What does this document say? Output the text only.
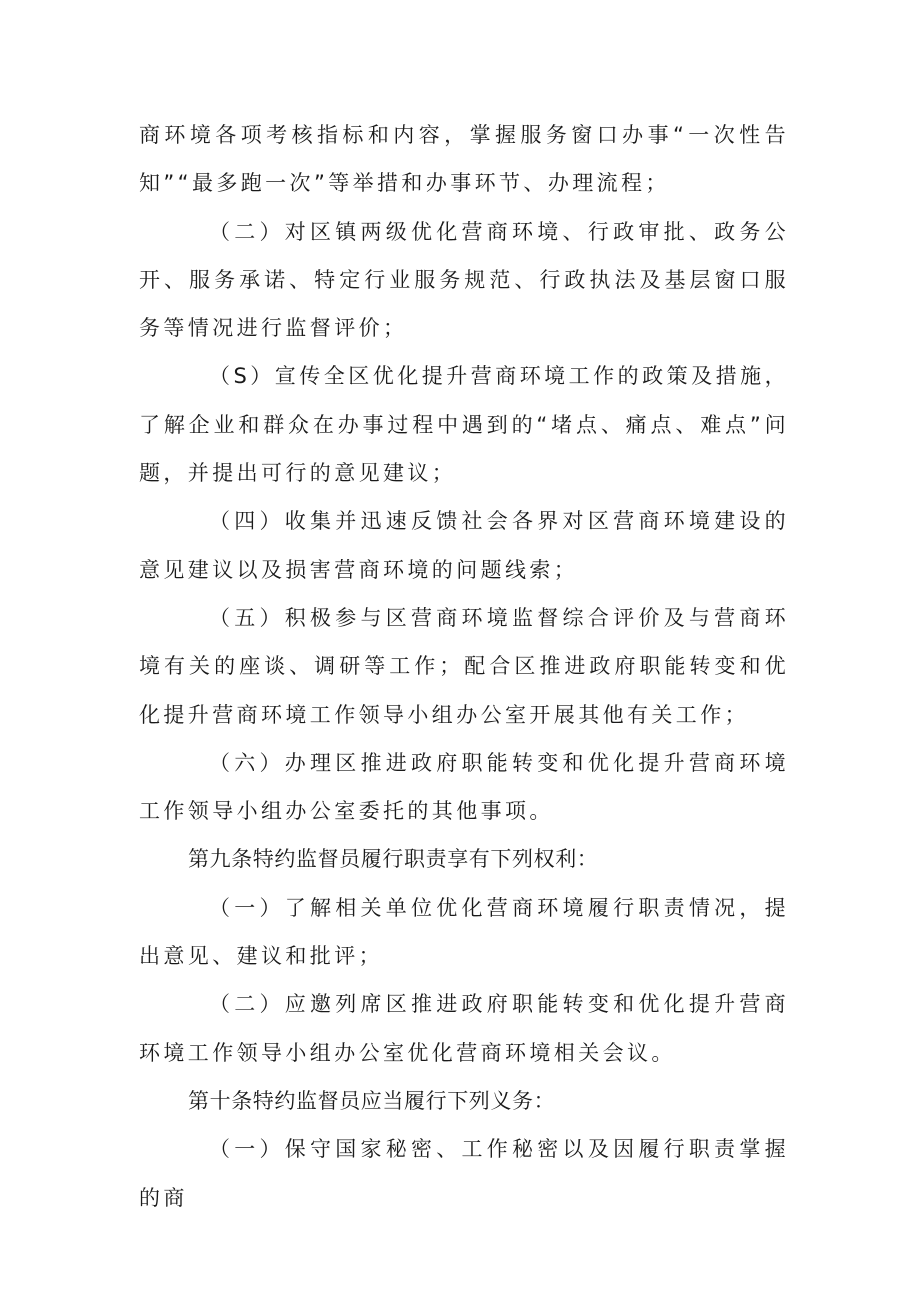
商环境各项考核指标和内容，掌握服务窗口办事“一次性告知”“最多跑一次”等举措和办事环节、办理流程；

（二）对区镇两级优化营商环境、行政审批、政务公开、服务承诺、特定行业服务规范、行政执法及基层窗口服务等情况进行监督评价；

（S）宣传全区优化提升营商环境工作的政策及措施，了解企业和群众在办事过程中遇到的“堵点、痛点、难点”问题，并提出可行的意见建议；

（四）收集并迅速反馈社会各界对区营商环境建设的意见建议以及损害营商环境的问题线索；

（五）积极参与区营商环境监督综合评价及与营商环境有关的座谈、调研等工作；配合区推进政府职能转变和优化提升营商环境工作领导小组办公室开展其他有关工作；

（六）办理区推进政府职能转变和优化提升营商环境工作领导小组办公室委托的其他事项。

第九条特约监督员履行职责享有下列权利：

（一）了解相关单位优化营商环境履行职责情况，提出意见、建议和批评；

（二）应邀列席区推进政府职能转变和优化提升营商环境工作领导小组办公室优化营商环境相关会议。

第十条特约监督员应当履行下列义务：

（一）保守国家秘密、工作秘密以及因履行职责掌握的商
